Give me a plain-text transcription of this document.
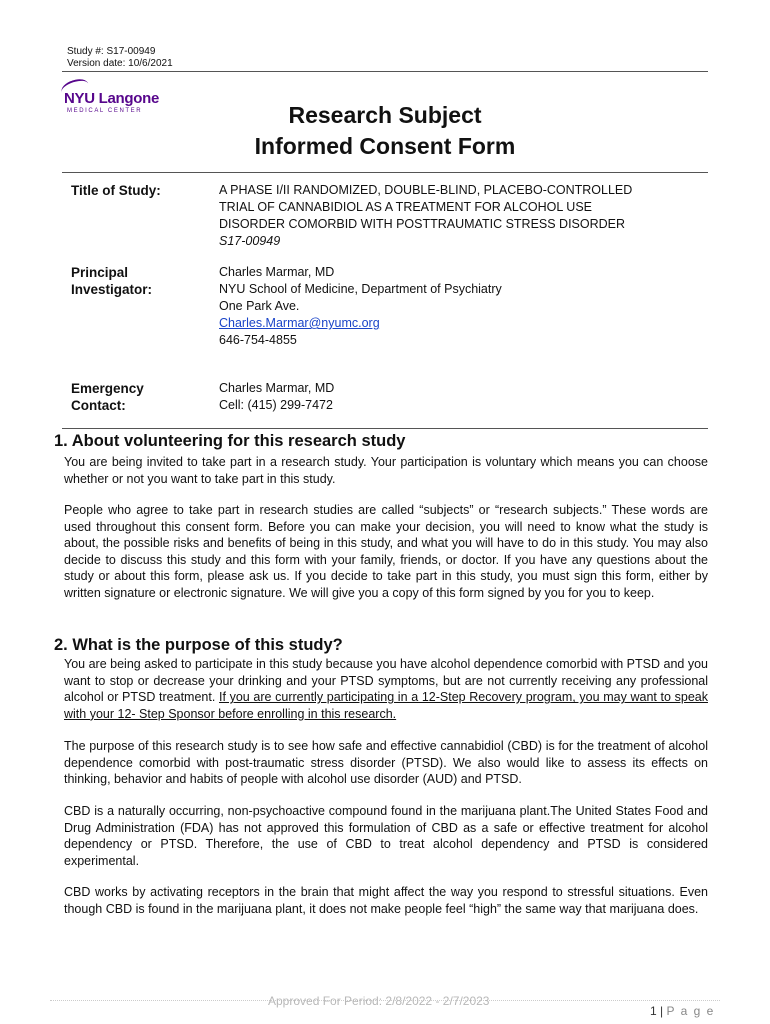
Study #: S17-00949
Version date: 10/6/2021
NYU Langone
MEDICAL CENTER	Research Subject
Informed Consent Form
Title of Study:	A PHASE I/II RANDOMIZED, DOUBLE-BLIND, PLACEBO-CONTROLLED
TRIAL OF CANNABIDIOL AS A TREATMENT FOR ALCOHOL USE
DISORDER COMORBID WITH POSTTRAUMATIC STRESS DISORDER
S17-00949
Principal
Investigator:
Charles Marmar, MD
NYU School of Medicine, Department of Psychiatry
One Park Ave.
Charles.Marmar@nyumc.org
646-754-4855
Emergency
Contact:
Charles Marmar, MD
Cell: (415) 299-7472
1. About volunteering for this research study
You are being invited to take part in a research study. Your participation is voluntary which means you can choose whether or not you want to take part in this study.
People who agree to take part in research studies are called “subjects” or “research subjects.” These words are used throughout this consent form. Before you can make your decision, you will need to know what the study is about, the possible risks and benefits of being in this study, and what you will have to do in this study. You may also decide to discuss this study and this form with your family, friends, or doctor. If you have any questions about the study or about this form, please ask us. If you decide to take part in this study, you must sign this form, either by written signature or electronic signature. We will give you a copy of this form signed by you for you to keep.
2. What is the purpose of this study?
You are being asked to participate in this study because you have alcohol dependence comorbid with PTSD and you want to stop or decrease your drinking and your PTSD symptoms, but are not currently receiving any professional alcohol or PTSD treatment. If you are currently participating in a 12-Step Recovery program, you may want to speak with your 12- Step Sponsor before enrolling in this research.
The purpose of this research study is to see how safe and effective cannabidiol (CBD) is for the treatment of alcohol dependence comorbid with post-traumatic stress disorder (PTSD). We also would like to assess its effects on thinking, behavior and habits of people with alcohol use disorder (AUD) and PTSD.
CBD is a naturally occurring, non-psychoactive compound found in the marijuana plant.The United States Food and Drug Administration (FDA) has not approved this formulation of CBD as a safe or effective treatment for alcohol dependency or PTSD. Therefore, the use of CBD to treat alcohol dependency and PTSD is considered experimental.
CBD works by activating receptors in the brain that might affect the way you respond to stressful situations. Even though CBD is found in the marijuana plant, it does not make people feel “high” the same way that marijuana does.
Approved For Period: 2/8/2022 - 2/7/2023
1 | P a g e
